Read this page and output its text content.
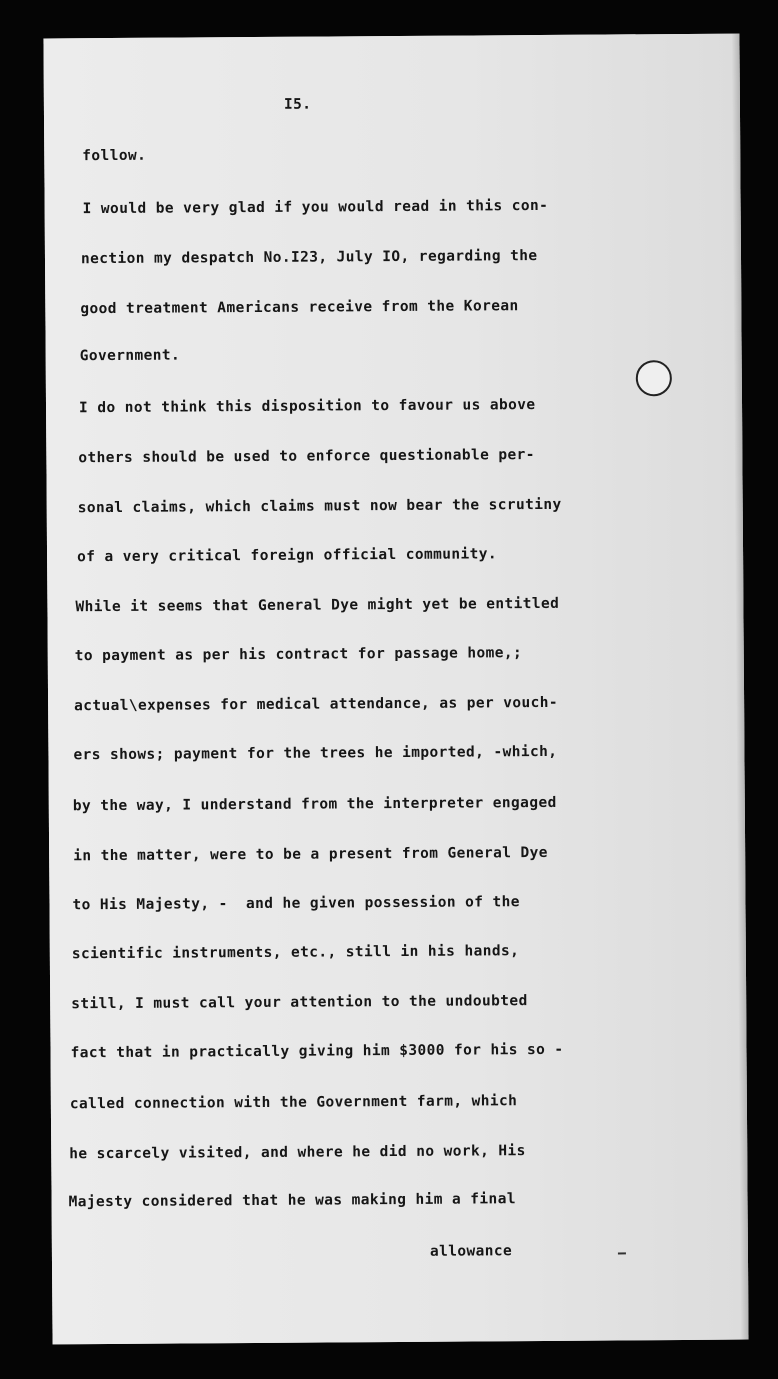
I5.

follow.

I would be very glad if you would read in this con-

nection my despatch No.I23, July IO, regarding the

good treatment Americans receive from the Korean

Government.

I do not think this disposition to favour us above

others should be used to enforce questionable per-

sonal claims, which claims must now bear the scrutiny

of a very critical foreign official community.

While it seems that General Dye might yet be entitled

to payment as per his contract for passage home,;

actual\expenses for medical attendance, as per vouch-

ers shows; payment for the trees he imported, -which,

by the way, I understand from the interpreter engaged

in the matter, were to be a present from General Dye

to His Majesty, -  and he given possession of the

scientific instruments, etc., still in his hands,

still, I must call your attention to the undoubted

fact that in practically giving him $3000 for his so -

called connection with the Government farm, which

he scarcely visited, and where he did no work, His

Majesty considered that he was making him a final

allowance
